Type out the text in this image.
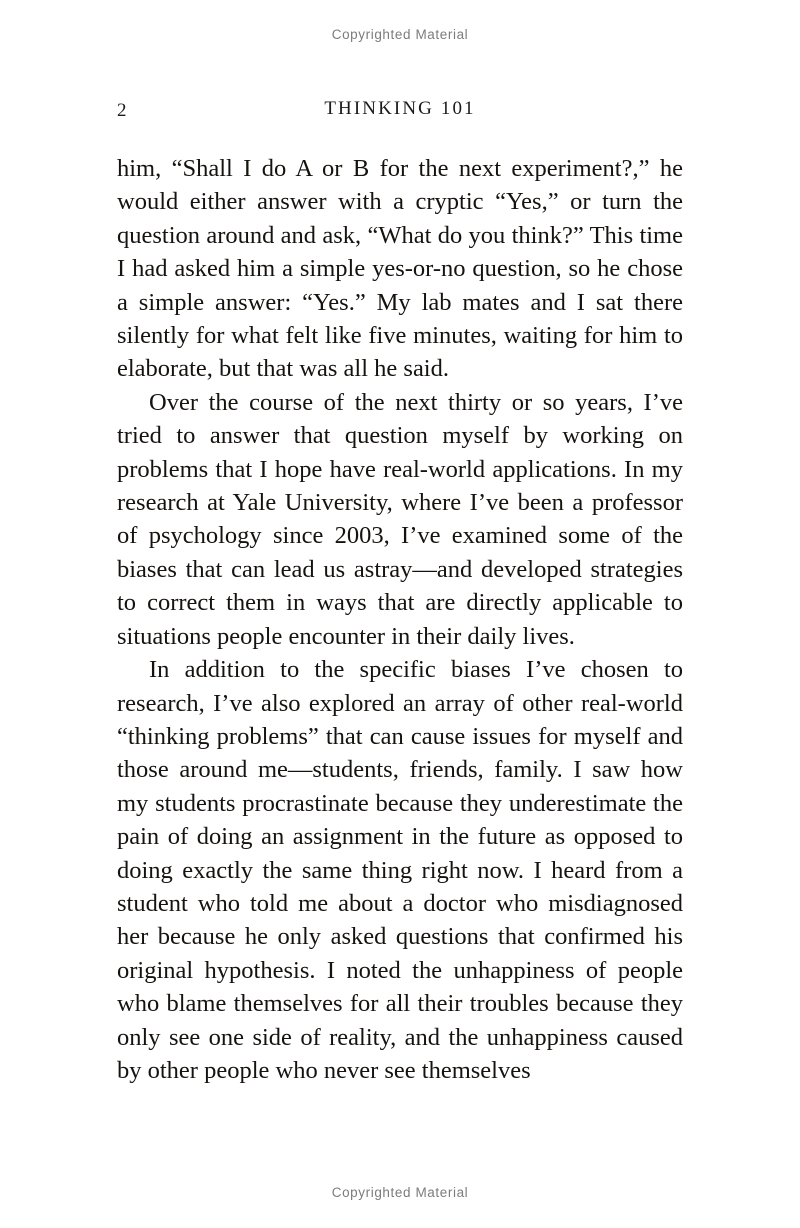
Copyrighted Material
2	THINKING 101

him, “Shall I do A or B for the next experiment?,” he would either answer with a cryptic “Yes,” or turn the question around and ask, “What do you think?” This time I had asked him a simple yes-or-no question, so he chose a simple answer: “Yes.” My lab mates and I sat there silently for what felt like five minutes, waiting for him to elaborate, but that was all he said.

Over the course of the next thirty or so years, I’ve tried to answer that question myself by working on problems that I hope have real-world applications. In my research at Yale University, where I’ve been a professor of psychology since 2003, I’ve examined some of the biases that can lead us astray—and developed strategies to correct them in ways that are directly applicable to situations people encounter in their daily lives.

In addition to the specific biases I’ve chosen to research, I’ve also explored an array of other real-world “thinking problems” that can cause issues for myself and those around me—students, friends, family. I saw how my students procrastinate because they underestimate the pain of doing an assignment in the future as opposed to doing exactly the same thing right now. I heard from a student who told me about a doctor who misdiagnosed her because he only asked questions that confirmed his original hypothesis. I noted the unhappiness of people who blame themselves for all their troubles because they only see one side of reality, and the unhappiness caused by other people who never see themselves

Copyrighted Material
